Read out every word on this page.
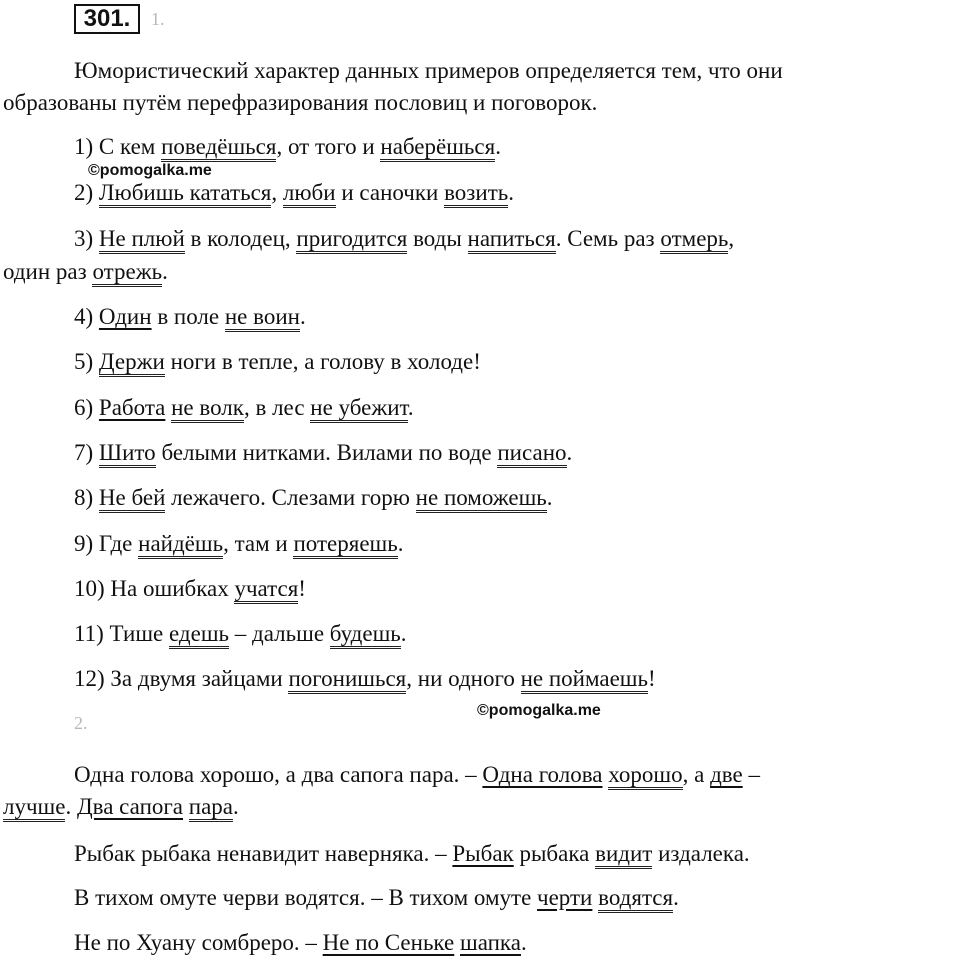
301.	1.
Юмористический характер данных примеров определяется тем, что они
образованы путём перефразирования пословиц и поговорок.
1) С кем поведёшься, от того и наберёшься.
©pomogalka.me
2) Любишь кататься, люби и саночки возить.
3) Не плюй в колодец, пригодится воды напиться. Семь раз отмерь,
один раз отрежь.
4) Один в поле не воин.
5) Держи ноги в тепле, а голову в холоде!
6) Работа не волк, в лес не убежит.
7) Шито белыми нитками. Вилами по воде писано.
8) Не бей лежачего. Слезами горю не поможешь.
9) Где найдёшь, там и потеряешь.
10) На ошибках учатся!
11) Тише едешь – дальше будешь.
12) За двумя зайцами погонишься, ни одного не поймаешь!
©pomogalka.me
2.
Одна голова хорошо, а два сапога пара. – Одна голова хорошо, а две –
лучше. Два сапога пара.
Рыбак рыбака ненавидит наверняка. – Рыбак рыбака видит издалека.
В тихом омуте черви водятся. – В тихом омуте черти водятся.
Не по Хуану сомбреро. – Не по Сеньке шапка.
